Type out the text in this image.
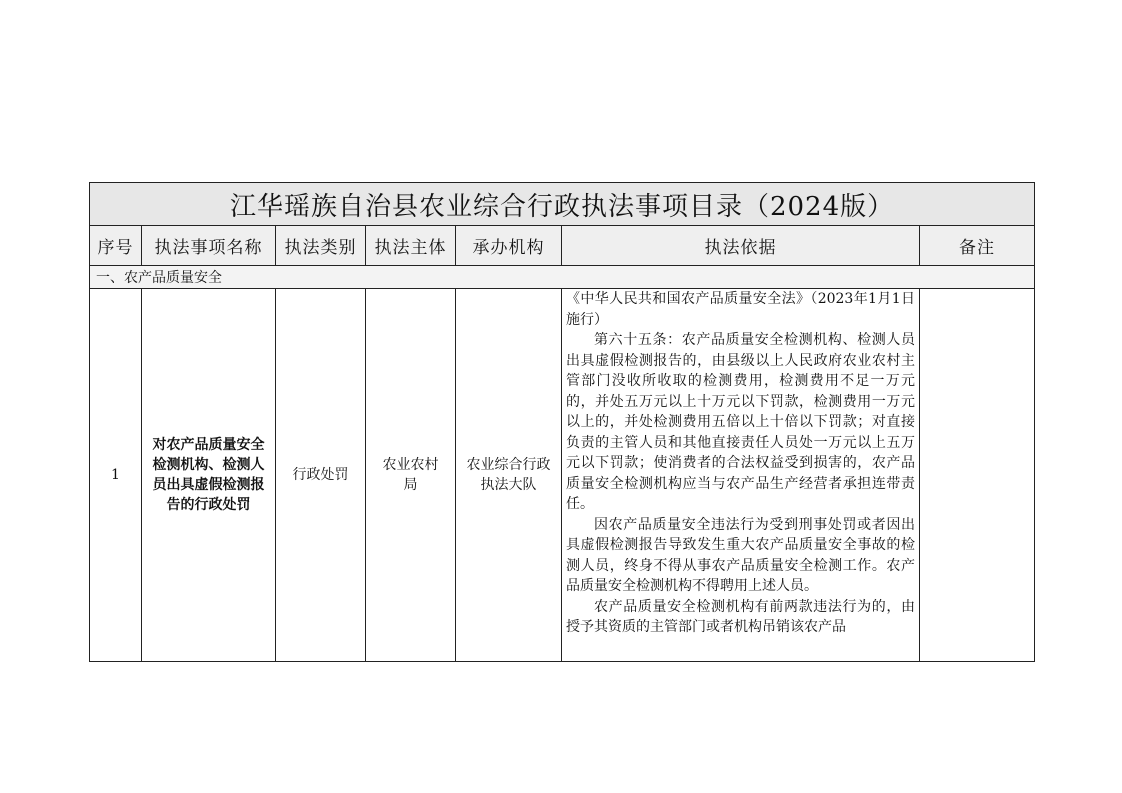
江华瑶族自治县农业综合行政执法事项目录（2024版）						
序号	执法事项名称	执法类别	执法主体	承办机构	执法依据	备注
一、农产品质量安全						
1	对农产品质量安全检测机构、检测人员出具虚假检测报告的行政处罚	行政处罚	农业农村局	农业综合行政执法大队	《中华人民共和国农产品质量安全法》（2023年1月1日施行）

第六十五条：农产品质量安全检测机构、检测人员出具虚假检测报告的，由县级以上人民政府农业农村主管部门没收所收取的检测费用，检测费用不足一万元的，并处五万元以上十万元以下罚款，检测费用一万元以上的，并处检测费用五倍以上十倍以下罚款；对直接负责的主管人员和其他直接责任人员处一万元以上五万元以下罚款；使消费者的合法权益受到损害的，农产品质量安全检测机构应当与农产品生产经营者承担连带责任。

因农产品质量安全违法行为受到刑事处罚或者因出具虚假检测报告导致发生重大农产品质量安全事故的检测人员，终身不得从事农产品质量安全检测工作。农产品质量安全检测机构不得聘用上述人员。

农产品质量安全检测机构有前两款违法行为的，由授予其资质的主管部门或者机构吊销该农产品	
